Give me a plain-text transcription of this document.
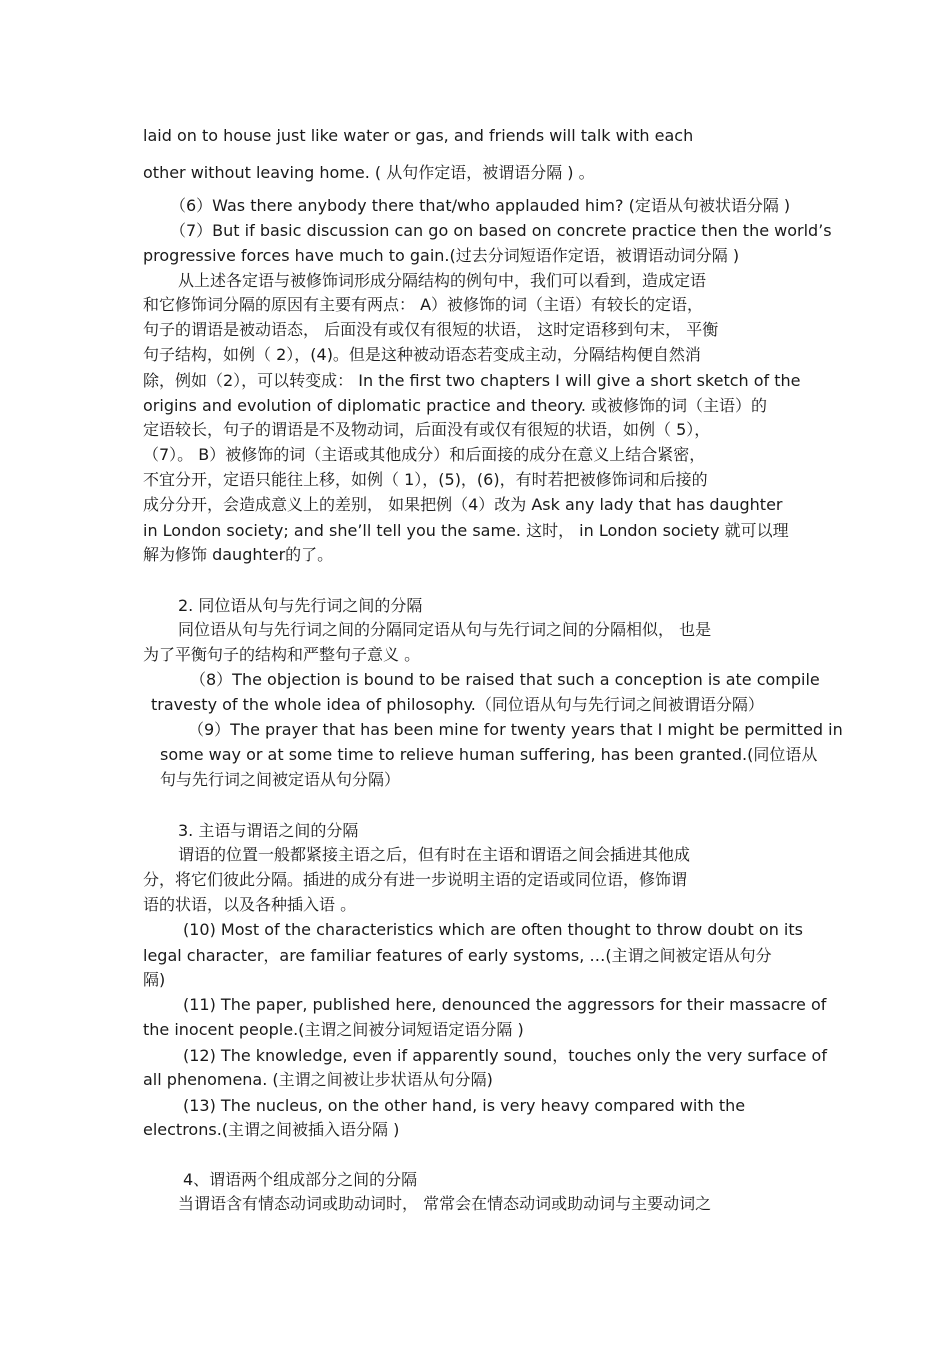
laid on to house just like water or gas, and friends will talk with each
other without leaving home. ( 从句作定语，被谓语分隔 ) 。
（6）Was there anybody there that/who applauded him? (定语从句被状语分隔 )
（7）But if basic discussion can go on based on concrete practice then the world’s
progressive forces have much to gain.(过去分词短语作定语，被谓语动词分隔 )
从上述各定语与被修饰词形成分隔结构的例句中，我们可以看到，造成定语
和它修饰词分隔的原因有主要有两点： A）被修饰的词（主语）有较长的定语，
句子的谓语是被动语态， 后面没有或仅有很短的状语， 这时定语移到句末， 平衡
句子结构，如例（ 2），(4)。但是这种被动语态若变成主动，分隔结构便自然消
除，例如（2），可以转变成： In the first two chapters I will give a short sketch of the
origins and evolution of diplomatic practice and theory. 或被修饰的词（主语）的
定语较长，句子的谓语是不及物动词，后面没有或仅有很短的状语，如例（ 5），
（7）。 B）被修饰的词（主语或其他成分）和后面接的成分在意义上结合紧密，
不宜分开，定语只能往上移，如例（ 1），(5)，(6)，有时若把被修饰词和后接的
成分分开，会造成意义上的差别， 如果把例（4）改为 Ask any lady that has daughter
in London society; and she’ll tell you the same. 这时， in London society 就可以理
解为修饰 daughter的了。
2. 同位语从句与先行词之间的分隔
同位语从句与先行词之间的分隔同定语从句与先行词之间的分隔相似， 也是
为了平衡句子的结构和严整句子意义 。
（8）The objection is bound to be raised that such a conception is ate compile
travesty of the whole idea of philosophy.（同位语从句与先行词之间被谓语分隔）
（9）The prayer that has been mine for twenty years that I might be permitted in
some way or at some time to relieve human suffering, has been granted.(同位语从
句与先行词之间被定语从句分隔）
3. 主语与谓语之间的分隔
谓语的位置一般都紧接主语之后，但有时在主语和谓语之间会插进其他成
分，将它们彼此分隔。插进的成分有进一步说明主语的定语或同位语，修饰谓
语的状语，以及各种插入语 。
(10) Most of the characteristics which are often thought to throw doubt on its
legal character，are familiar features of early systoms, …(主谓之间被定语从句分
隔)
(11) The paper, published here, denounced the aggressors for their massacre of
the inocent people.(主谓之间被分词短语定语分隔 )
(12) The knowledge, even if apparently sound，touches only the very surface of
all phenomena. (主谓之间被让步状语从句分隔)
(13) The nucleus, on the other hand, is very heavy compared with the
electrons.(主谓之间被插入语分隔 )
4、谓语两个组成部分之间的分隔
当谓语含有情态动词或助动词时， 常常会在情态动词或助动词与主要动词之
